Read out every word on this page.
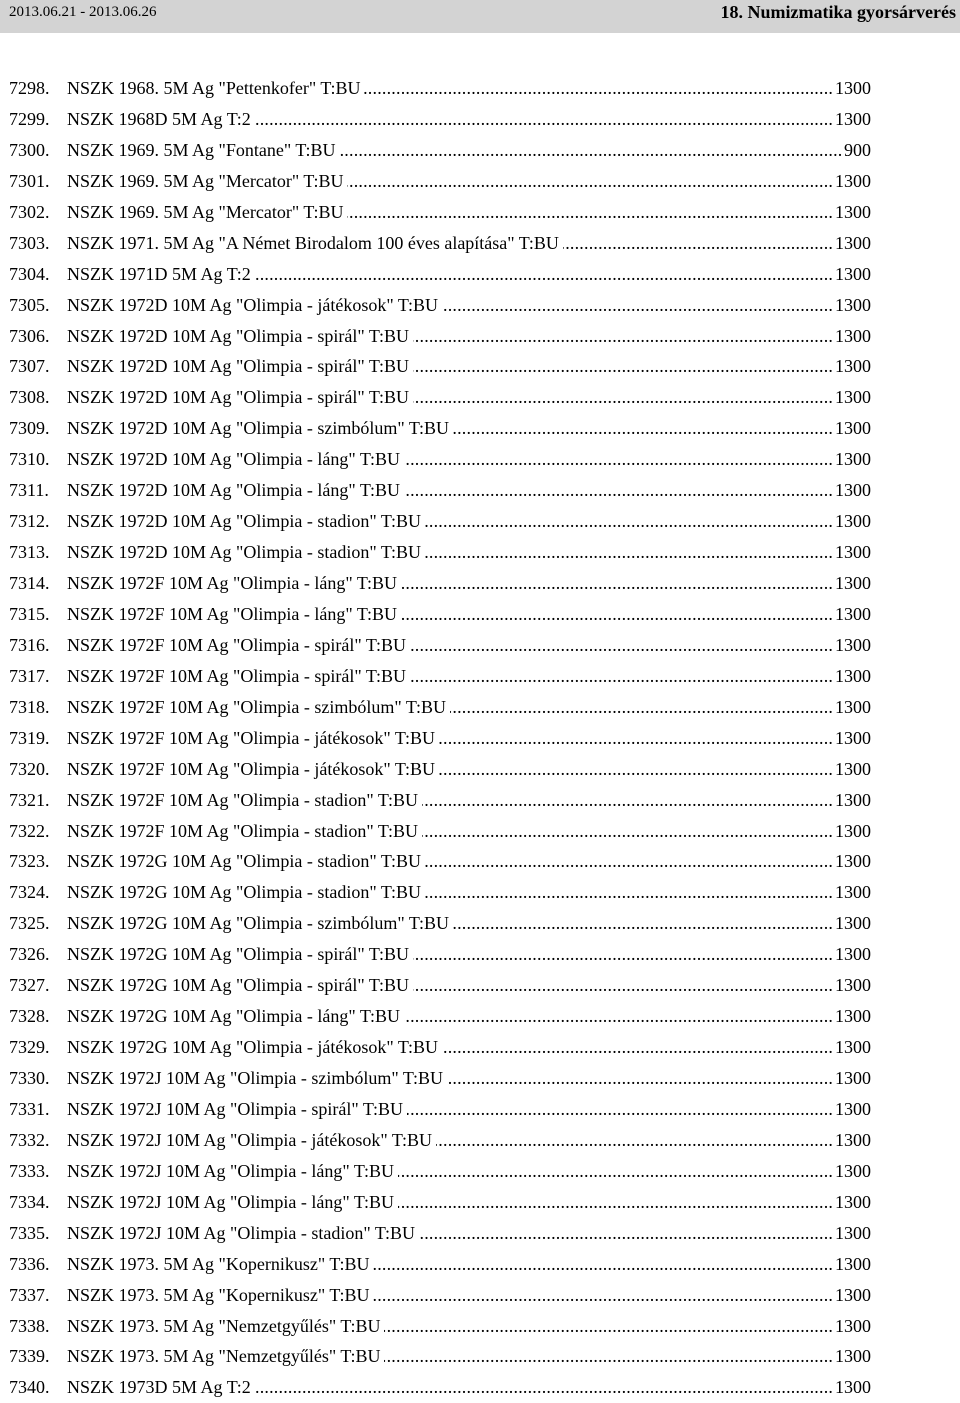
2013.06.21 - 2013.06.26	18. Numizmatika gyorsárverés
7298. NSZK 1968. 5M Ag "Pettenkofer" T:BU .....	1300
7299. NSZK 1968D 5M Ag T:2 .....	1300
7300. NSZK 1969. 5M Ag "Fontane" T:BU .....	900
7301. NSZK 1969. 5M Ag "Mercator" T:BU .....	1300
7302. NSZK 1969. 5M Ag "Mercator" T:BU .....	1300
7303. NSZK 1971. 5M Ag "A Német Birodalom 100 éves alapítása" T:BU .....	1300
7304. NSZK 1971D 5M Ag T:2 .....	1300
7305. NSZK 1972D 10M Ag "Olimpia - játékosok" T:BU .....	1300
7306. NSZK 1972D 10M Ag "Olimpia - spirál" T:BU .....	1300
7307. NSZK 1972D 10M Ag "Olimpia - spirál" T:BU .....	1300
7308. NSZK 1972D 10M Ag "Olimpia - spirál" T:BU .....	1300
7309. NSZK 1972D 10M Ag "Olimpia - szimbólum" T:BU .....	1300
7310. NSZK 1972D 10M Ag "Olimpia - láng" T:BU .....	1300
7311. NSZK 1972D 10M Ag "Olimpia - láng" T:BU .....	1300
7312. NSZK 1972D 10M Ag "Olimpia - stadion" T:BU .....	1300
7313. NSZK 1972D 10M Ag "Olimpia - stadion" T:BU .....	1300
7314. NSZK 1972F 10M Ag "Olimpia - láng" T:BU .....	1300
7315. NSZK 1972F 10M Ag "Olimpia - láng" T:BU .....	1300
7316. NSZK 1972F 10M Ag "Olimpia - spirál" T:BU .....	1300
7317. NSZK 1972F 10M Ag "Olimpia - spirál" T:BU .....	1300
7318. NSZK 1972F 10M Ag "Olimpia - szimbólum" T:BU .....	1300
7319. NSZK 1972F 10M Ag "Olimpia - játékosok" T:BU .....	1300
7320. NSZK 1972F 10M Ag "Olimpia - játékosok" T:BU .....	1300
7321. NSZK 1972F 10M Ag "Olimpia - stadion" T:BU .....	1300
7322. NSZK 1972F 10M Ag "Olimpia - stadion" T:BU .....	1300
7323. NSZK 1972G 10M Ag "Olimpia - stadion" T:BU .....	1300
7324. NSZK 1972G 10M Ag "Olimpia - stadion" T:BU .....	1300
7325. NSZK 1972G 10M Ag "Olimpia - szimbólum" T:BU .....	1300
7326. NSZK 1972G 10M Ag "Olimpia - spirál" T:BU .....	1300
7327. NSZK 1972G 10M Ag "Olimpia - spirál" T:BU .....	1300
7328. NSZK 1972G 10M Ag "Olimpia - láng" T:BU .....	1300
7329. NSZK 1972G 10M Ag "Olimpia - játékosok" T:BU .....	1300
7330. NSZK 1972J 10M Ag "Olimpia - szimbólum" T:BU .....	1300
7331. NSZK 1972J 10M Ag "Olimpia - spirál" T:BU .....	1300
7332. NSZK 1972J 10M Ag "Olimpia - játékosok" T:BU .....	1300
7333. NSZK 1972J 10M Ag "Olimpia - láng" T:BU .....	1300
7334. NSZK 1972J 10M Ag "Olimpia - láng" T:BU .....	1300
7335. NSZK 1972J 10M Ag "Olimpia - stadion" T:BU .....	1300
7336. NSZK 1973. 5M Ag "Kopernikusz" T:BU .....	1300
7337. NSZK 1973. 5M Ag "Kopernikusz" T:BU .....	1300
7338. NSZK 1973. 5M Ag "Nemzetgyűlés" T:BU .....	1300
7339. NSZK 1973. 5M Ag "Nemzetgyűlés" T:BU .....	1300
7340. NSZK 1973D 5M Ag T:2 .....	1300
